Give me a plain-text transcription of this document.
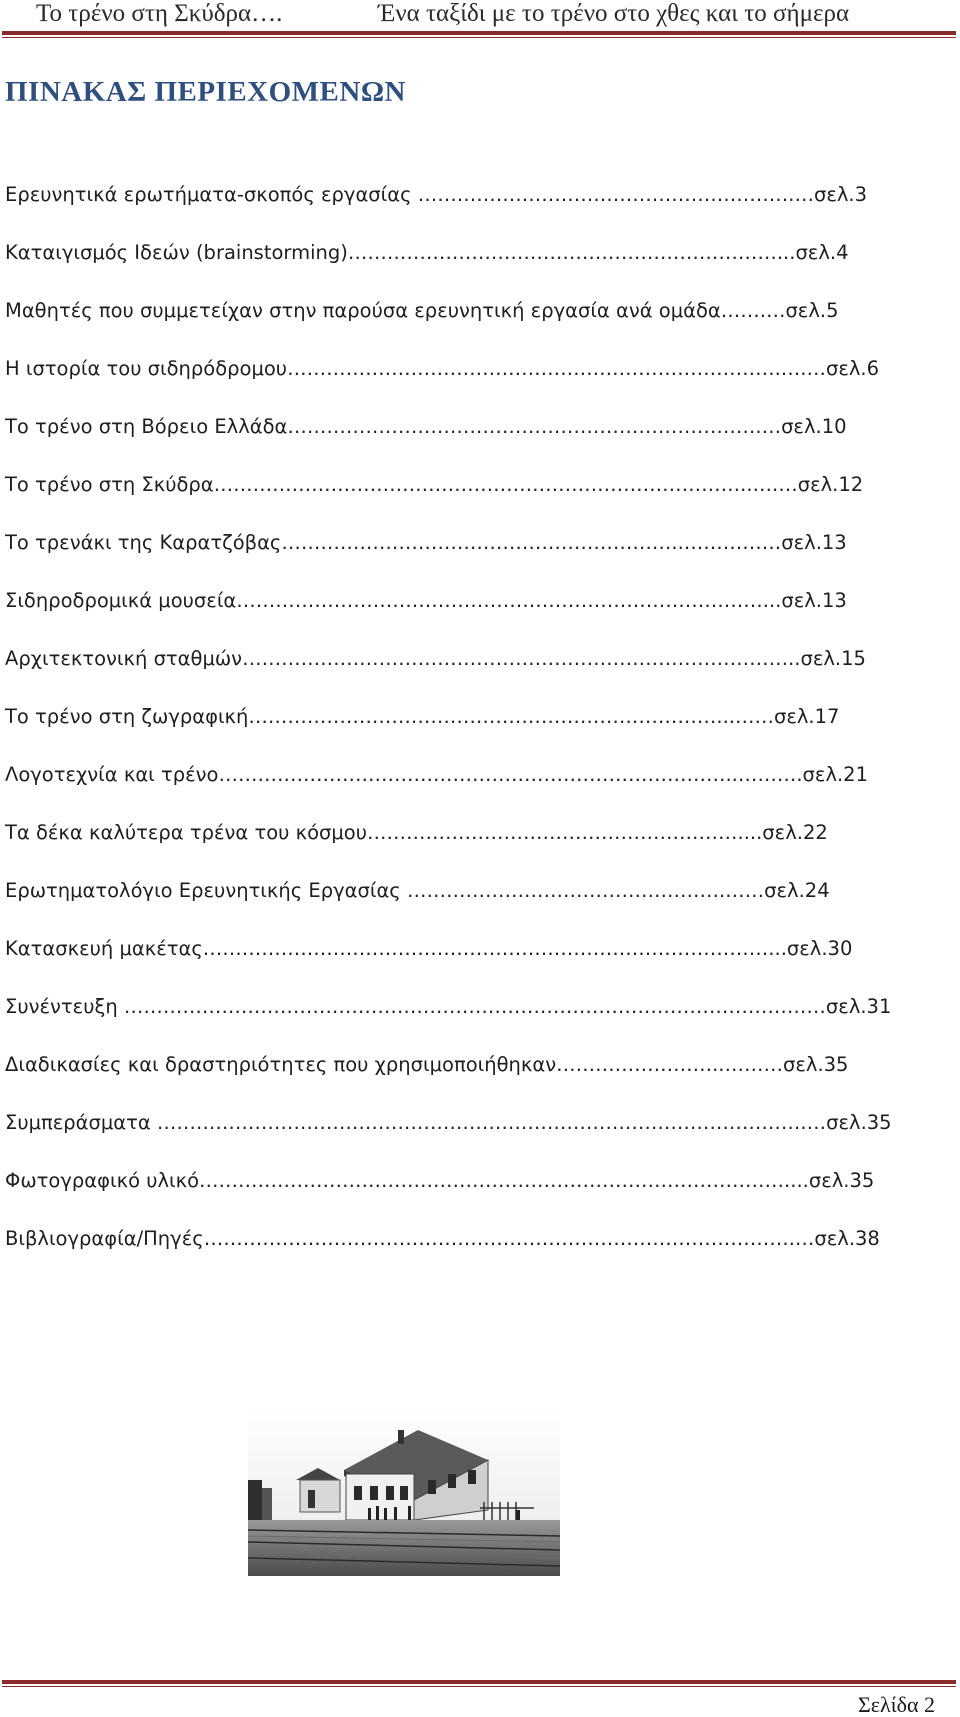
Το τρένο στη Σκύδρα….	Ένα ταξίδι με το τρένο στο χθες και το σήμερα
ΠΙΝΑΚΑΣ ΠΕΡΙΕΧΟΜΕΝΩΝ
Ερευνητικά ερωτήματα-σκοπός εργασίας ………………………………………………….…σελ.3
Καταιγισμός Ιδεών (brainstorming)…………………………………………………………...σελ.4
Μαθητές που συμμετείχαν στην παρούσα ερευνητική εργασία ανά ομάδα…….…σελ.5
Η ιστορία του σιδηρόδρομου………………………………………………………………….….…σελ.6
Το τρένο στη Βόρειο Ελλάδα……………………………………………………………….…σελ.10
Το τρένο στη Σκύδρα………………………………………………………………………..….…σελ.12
Το τρενάκι της Καρατζόβας……………………………………………………..……………σελ.13
Σιδηροδρομικά μουσεία………………………………………………………………………...σελ.13
Αρχιτεκτονική σταθμών…………………………………………………………………………..σελ.15
Το τρένο στη ζωγραφική………………………………………………………………...……σελ.17
Λογοτεχνία και τρένο……………………………………………………………………..……….σελ.21
Τα δέκα καλύτερα τρένα του κόσμου…………………………………………………....σελ.22
Ερωτηματολόγιο Ερευνητικής Εργασίας ………………………………………….……σελ.24
Κατασκευή μακέτας……………………………………………………………………………...σελ.30
Συνέντευξη ………………………………………………………………………………………………σελ.31
Διαδικασίες και δραστηριότητες που χρησιμοποιήθηκαν……………………..………σελ.35
Συμπεράσματα ……………………………………………………………………………………….…σελ.35
Φωτογραφικό υλικό………………………………………………………………………………....σελ.35
Βιβλιογραφία/Πηγές……………………………………………………………………………….…σελ.38
Σελίδα 2
